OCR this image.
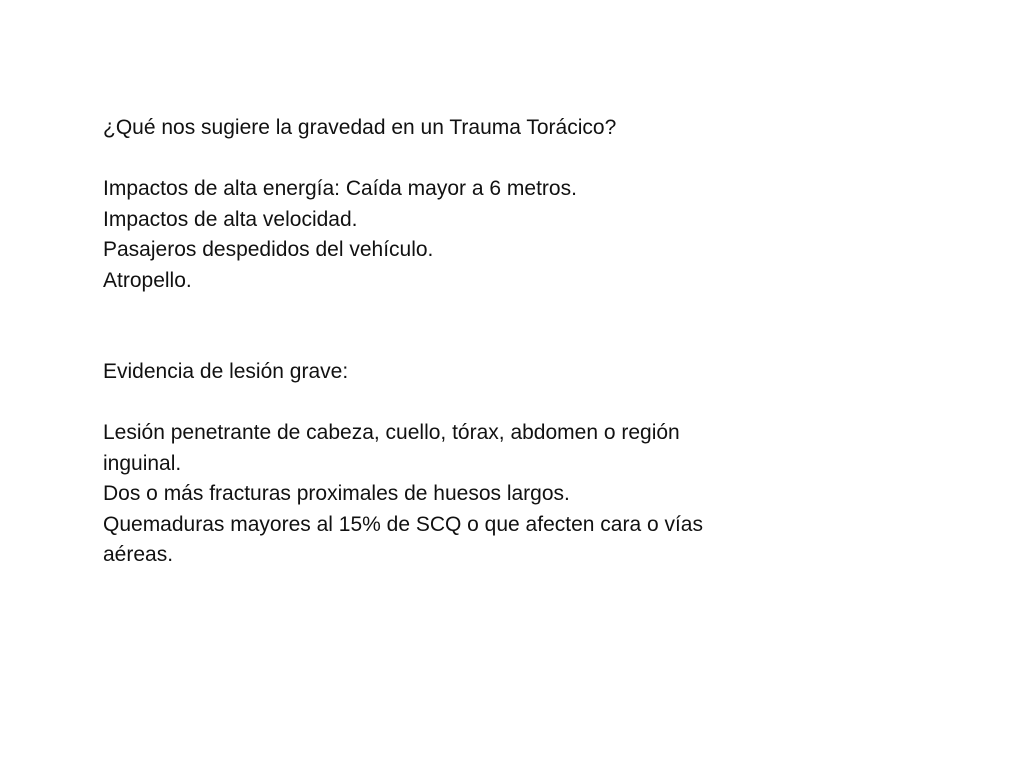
¿Qué nos sugiere la gravedad en un Trauma Torácico?
Impactos de alta energía: Caída mayor a 6 metros.
Impactos de alta velocidad.
Pasajeros despedidos del vehículo.
Atropello.
Evidencia de lesión grave:
Lesión penetrante de cabeza, cuello, tórax, abdomen o región
inguinal.
Dos o más fracturas proximales de huesos largos.
Quemaduras mayores al 15% de SCQ o que afecten cara o vías
aéreas.
